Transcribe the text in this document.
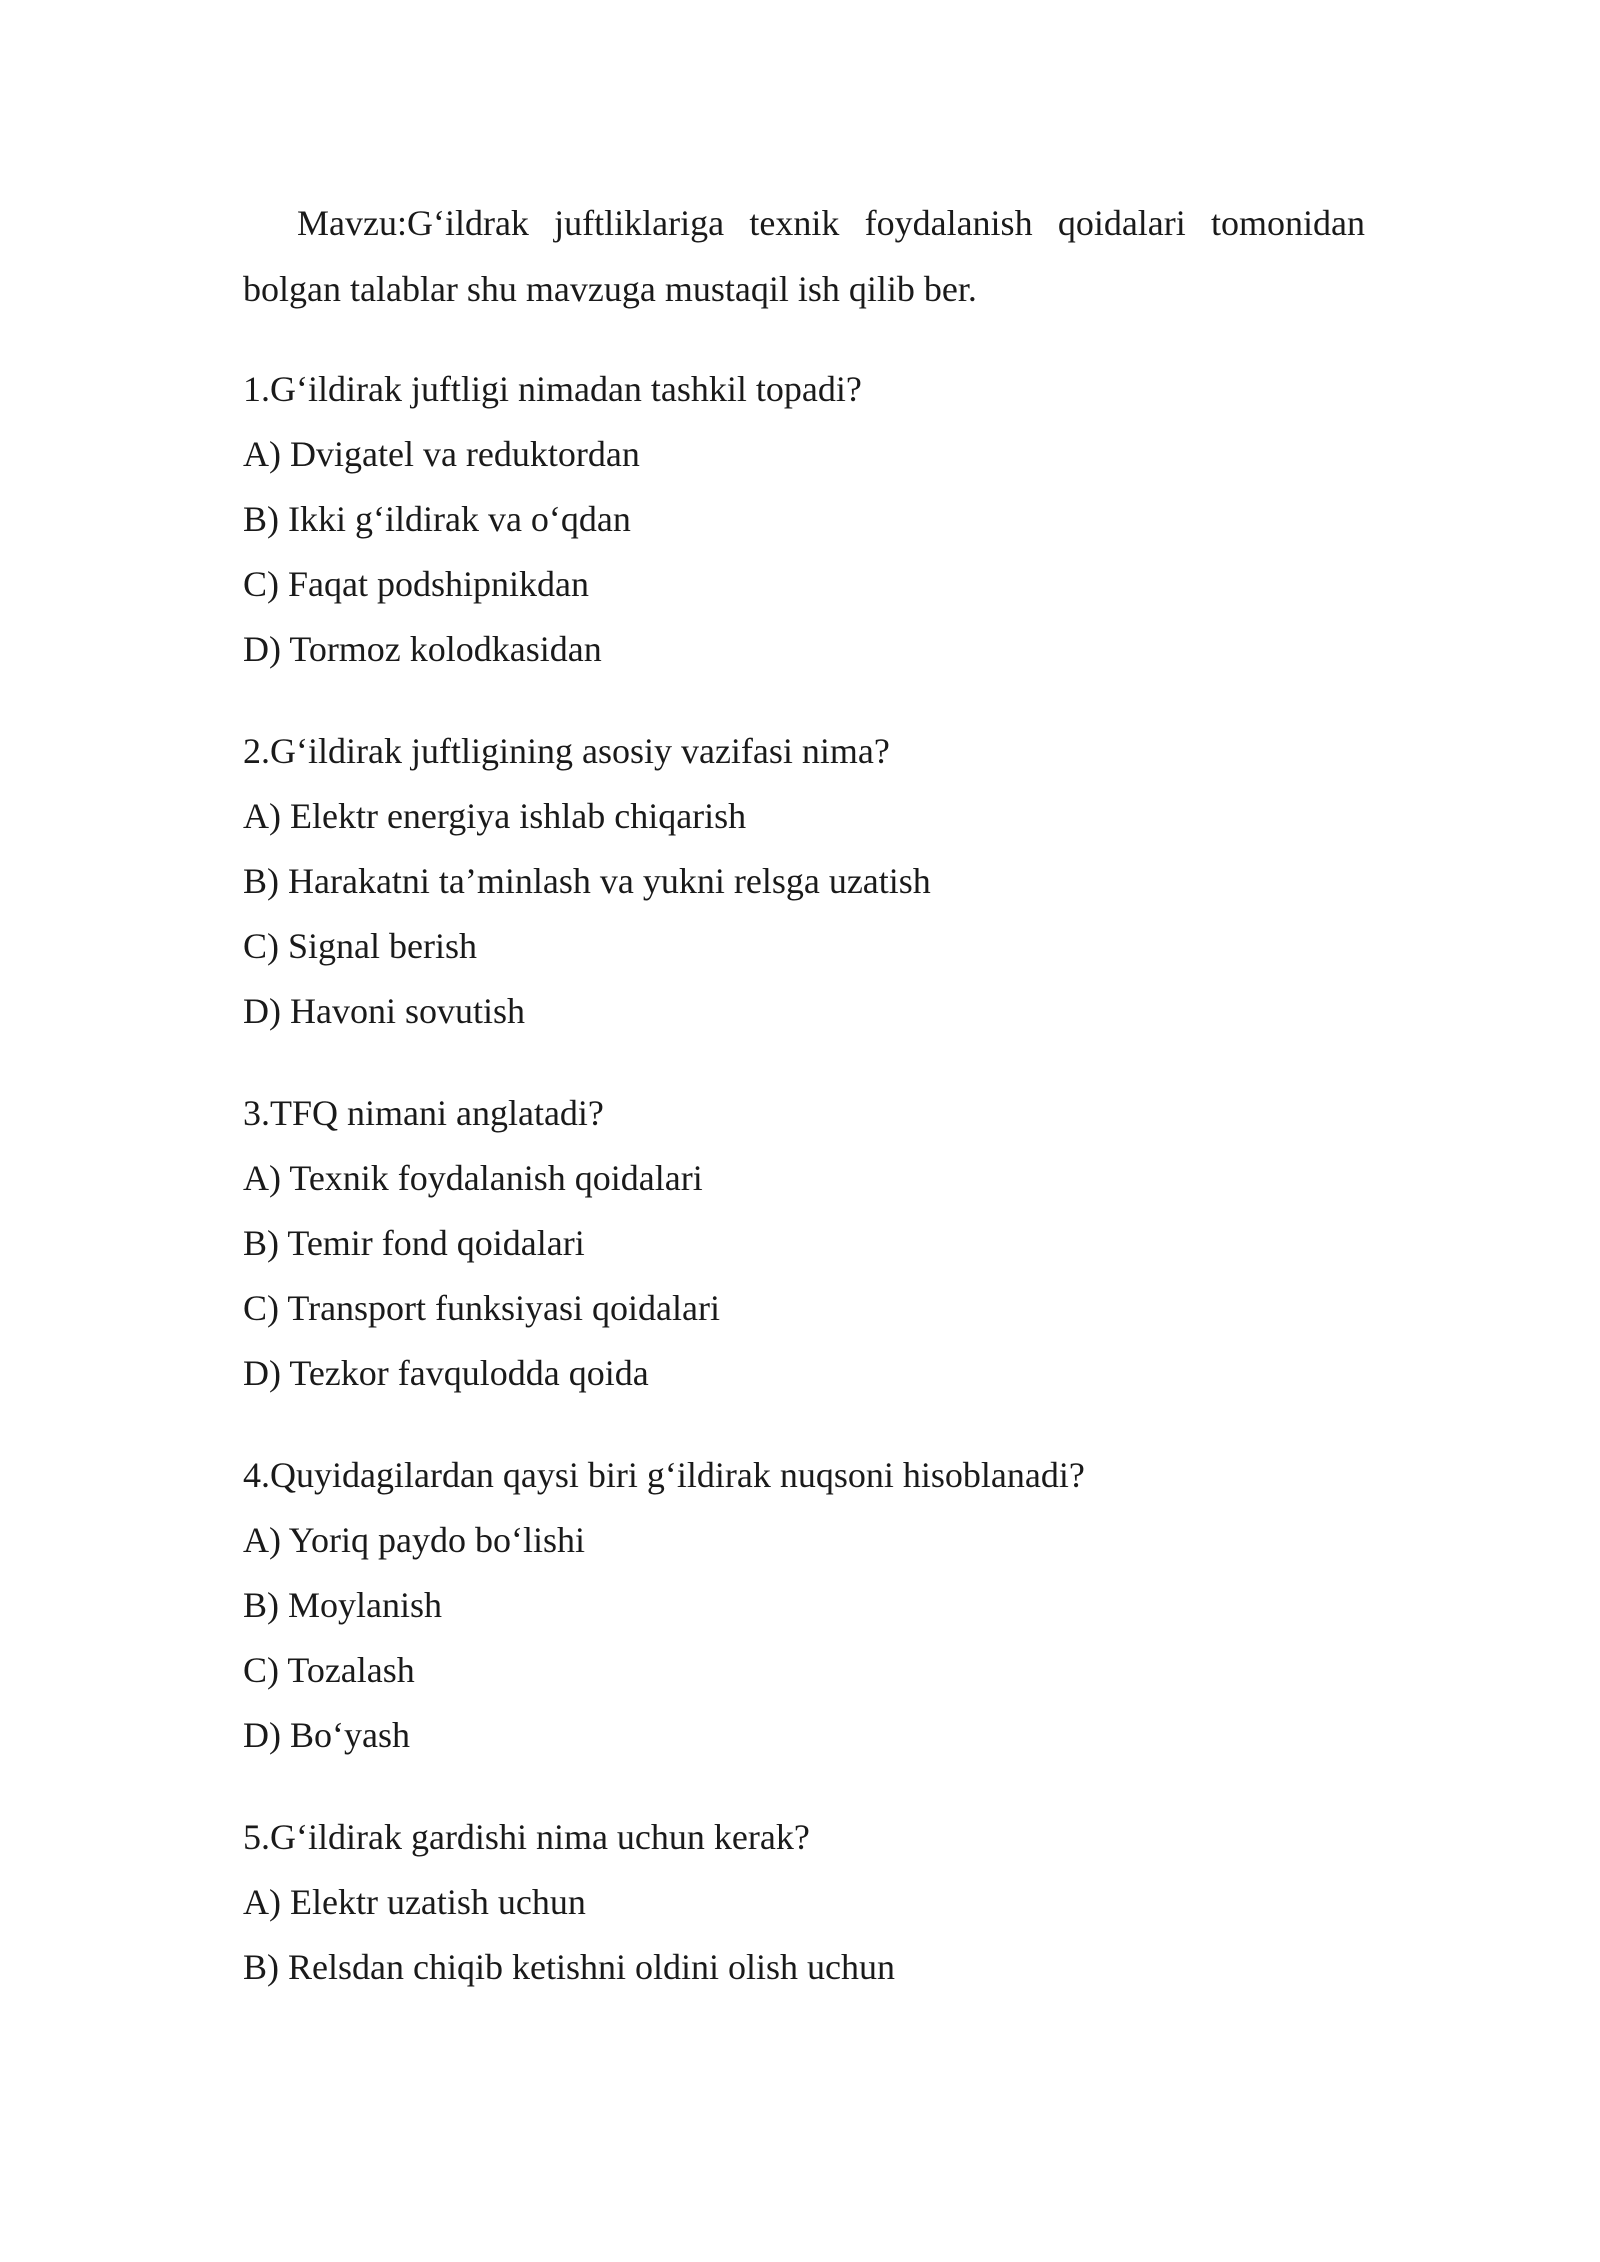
Mavzu:G‘ildrak juftliklariga texnik foydalanish qoidalari tomonidan bolgan talablar shu mavzuga mustaqil ish qilib ber.

1.G‘ildirak juftligi nimadan tashkil topadi?
A) Dvigatel va reduktordan
B) Ikki g‘ildirak va o‘qdan
C) Faqat podshipnikdan
D) Tormoz kolodkasidan
2.G‘ildirak juftligining asosiy vazifasi nima?
A) Elektr energiya ishlab chiqarish
B) Harakatni ta’minlash va yukni relsga uzatish
C) Signal berish
D) Havoni sovutish
3.TFQ nimani anglatadi?
A) Texnik foydalanish qoidalari
B) Temir fond qoidalari
C) Transport funksiyasi qoidalari
D) Tezkor favqulodda qoida
4.Quyidagilardan qaysi biri g‘ildirak nuqsoni hisoblanadi?
A) Yoriq paydo bo‘lishi
B) Moylanish
C) Tozalash
D) Bo‘yash
5.G‘ildirak gardishi nima uchun kerak?
A) Elektr uzatish uchun
B) Relsdan chiqib ketishni oldini olish uchun
